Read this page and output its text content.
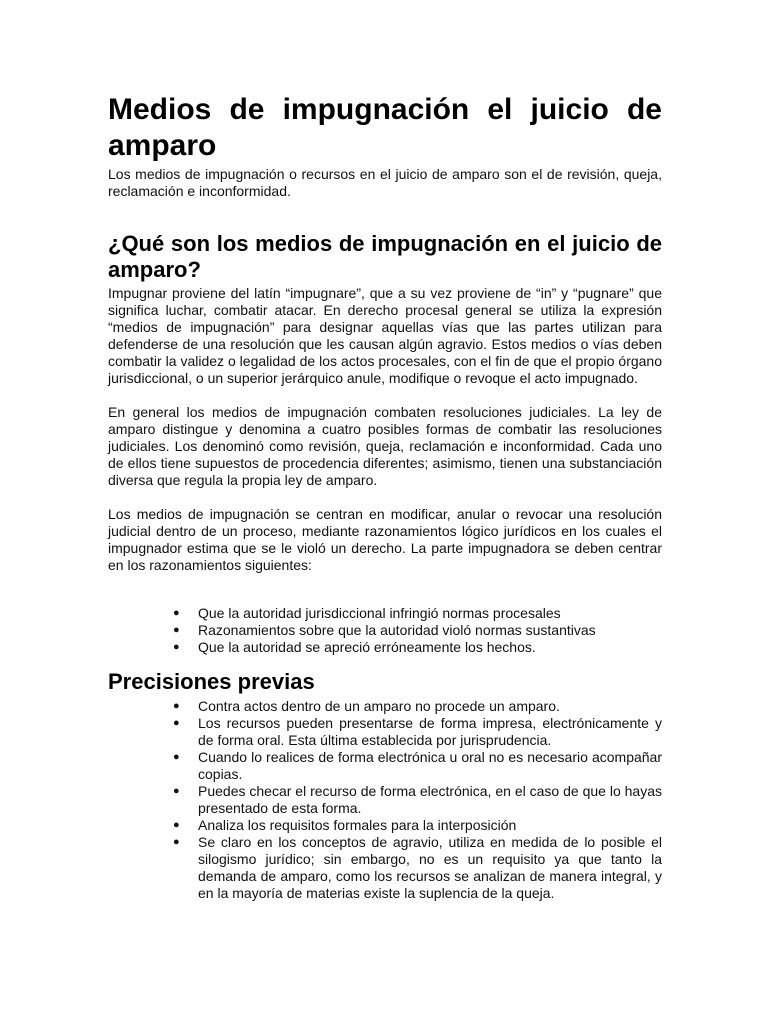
Medios de impugnación el juicio de amparo

Los medios de impugnación o recursos en el juicio de amparo son el de revisión, queja, reclamación e inconformidad.

¿Qué son los medios de impugnación en el juicio de amparo?

Impugnar proviene del latín “impugnare”, que a su vez proviene de “in” y “pugnare” que significa luchar, combatir atacar. En derecho procesal general se utiliza la expresión “medios de impugnación” para designar aquellas vías que las partes utilizan para defenderse de una resolución que les causan algún agravio. Estos medios o vías deben combatir la validez o legalidad de los actos procesales, con el fin de que el propio órgano jurisdiccional, o un superior jerárquico anule, modifique o revoque el acto impugnado.

En general los medios de impugnación combaten resoluciones judiciales. La ley de amparo distingue y denomina a cuatro posibles formas de combatir las resoluciones judiciales. Los denominó como revisión, queja, reclamación e inconformidad. Cada uno de ellos tiene supuestos de procedencia diferentes; asimismo, tienen una substanciación diversa que regula la propia ley de amparo.

Los medios de impugnación se centran en modificar, anular o revocar una resolución judicial dentro de un proceso, mediante razonamientos lógico jurídicos en los cuales el impugnador estima que se le violó un derecho. La parte impugnadora se deben centrar en los razonamientos siguientes:

● Que la autoridad jurisdiccional infringió normas procesales
● Razonamientos sobre que la autoridad violó normas sustantivas
● Que la autoridad se apreció erróneamente los hechos.
Precisiones previas
● Contra actos dentro de un amparo no procede un amparo.
● Los recursos pueden presentarse de forma impresa, electrónicamente y de forma oral. Esta última establecida por jurisprudencia.
● Cuando lo realices de forma electrónica u oral no es necesario acompañar copias.
● Puedes checar el recurso de forma electrónica, en el caso de que lo hayas presentado de esta forma.
● Analiza los requisitos formales para la interposición
● Se claro en los conceptos de agravio, utiliza en medida de lo posible el silogismo jurídico; sin embargo, no es un requisito ya que tanto la demanda de amparo, como los recursos se analizan de manera integral, y en la mayoría de materias existe la suplencia de la queja.
